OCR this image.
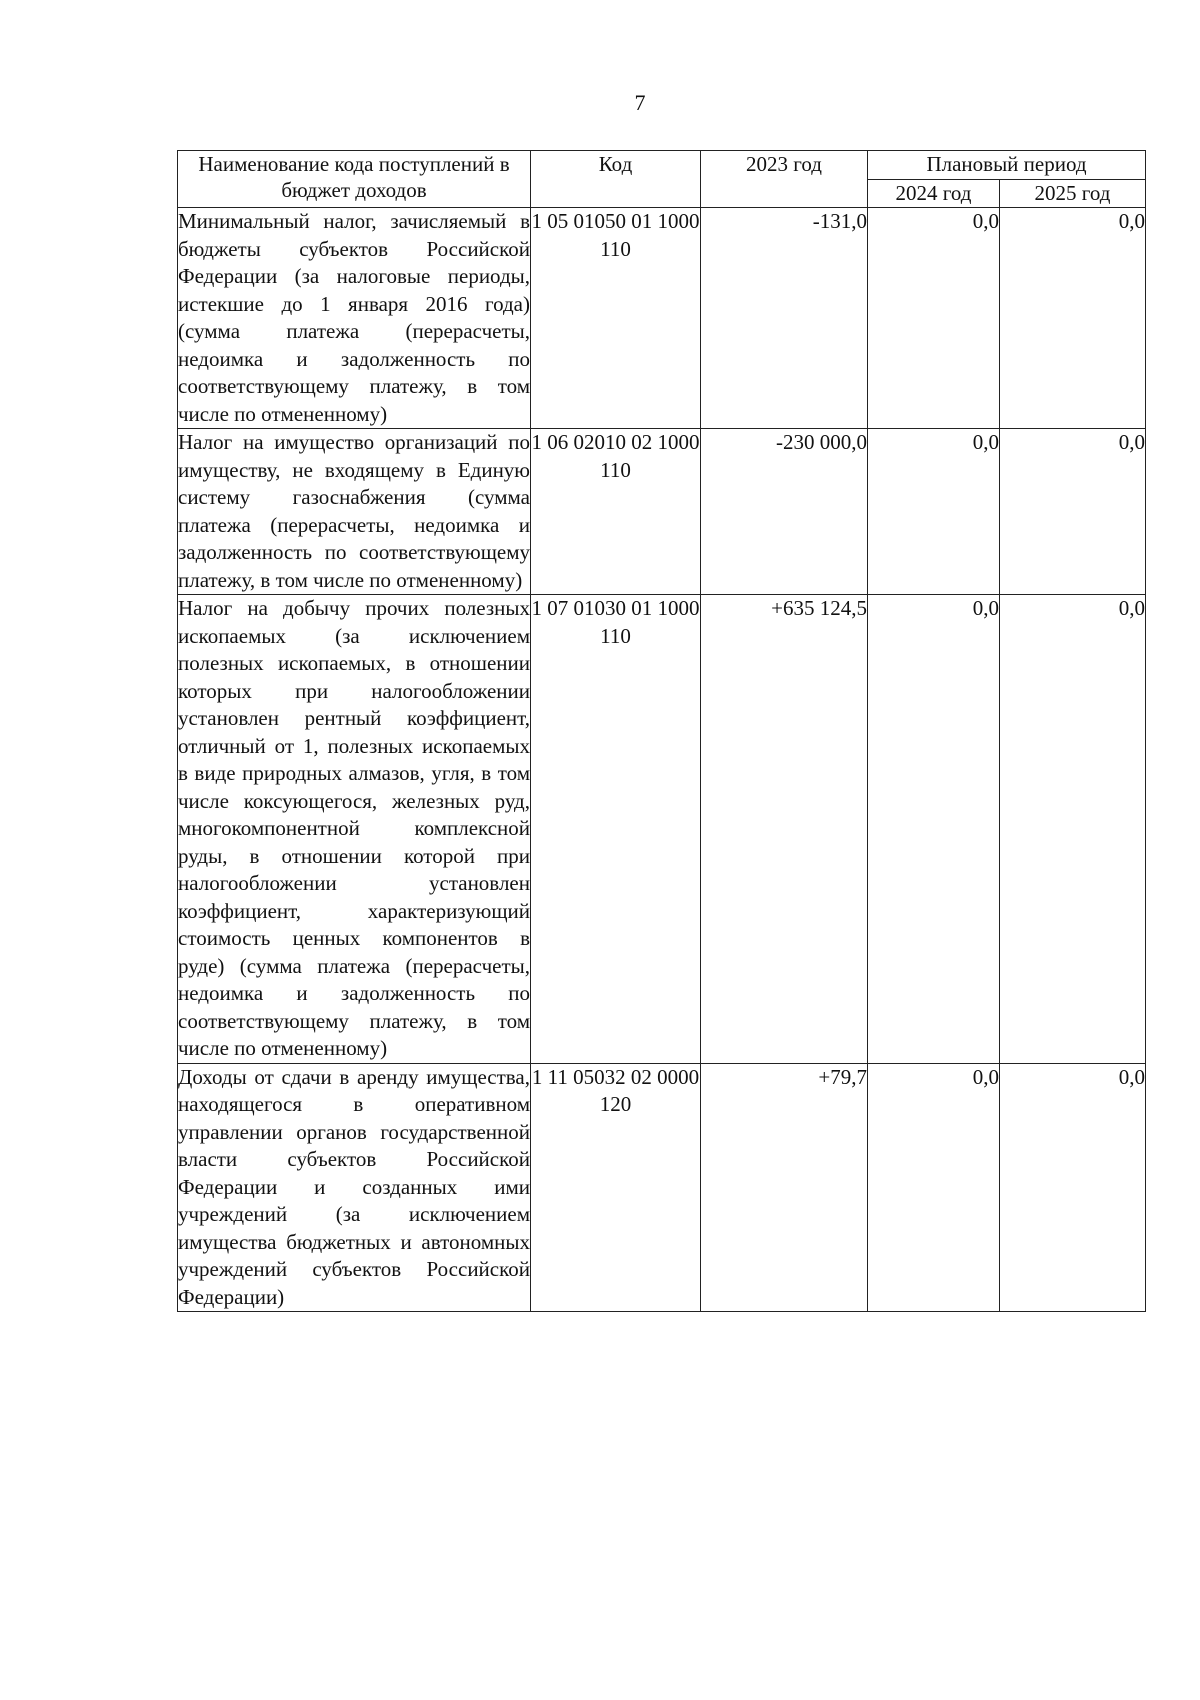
7
Наименование кода поступлений в бюджет доходов	Код	2023 год	Плановый период	
			2024 год	2025 год
Минимальный налог, зачисляемый в бюджеты субъектов Российской Федерации (за налоговые периоды, истекшие до 1 января 2016 года) (сумма платежа (перерасчеты, недоимка и задолженность по соответствующему платежу, в том числе по отмененному)	1 05 01050 01 1000 110	-131,0	0,0	0,0
Налог на имущество организаций по имуществу, не входящему в Единую систему газоснабжения (сумма платежа (перерасчеты, недоимка и задолженность по соответствующему платежу, в том числе по отмененному)	1 06 02010 02 1000 110	-230 000,0	0,0	0,0
Налог на добычу прочих полезных ископаемых (за исключением полезных ископаемых, в отношении которых при налогообложении установлен рентный коэффициент, отличный от 1, полезных ископаемых в виде природных алмазов, угля, в том числе коксующегося, железных руд, многокомпонентной комплексной руды, в отношении которой при налогообложении установлен коэффициент, характеризующий стоимость ценных компонентов в руде) (сумма платежа (перерасчеты, недоимка и задолженность по соответствующему платежу, в том числе по отмененному)	1 07 01030 01 1000 110	+635 124,5	0,0	0,0
Доходы от сдачи в аренду имущества, находящегося в оперативном управлении органов государственной власти субъектов Российской Федерации и созданных ими учреждений (за исключением имущества бюджетных и автономных учреждений субъектов Российской Федерации)	1 11 05032 02 0000 120	+79,7	0,0	0,0
